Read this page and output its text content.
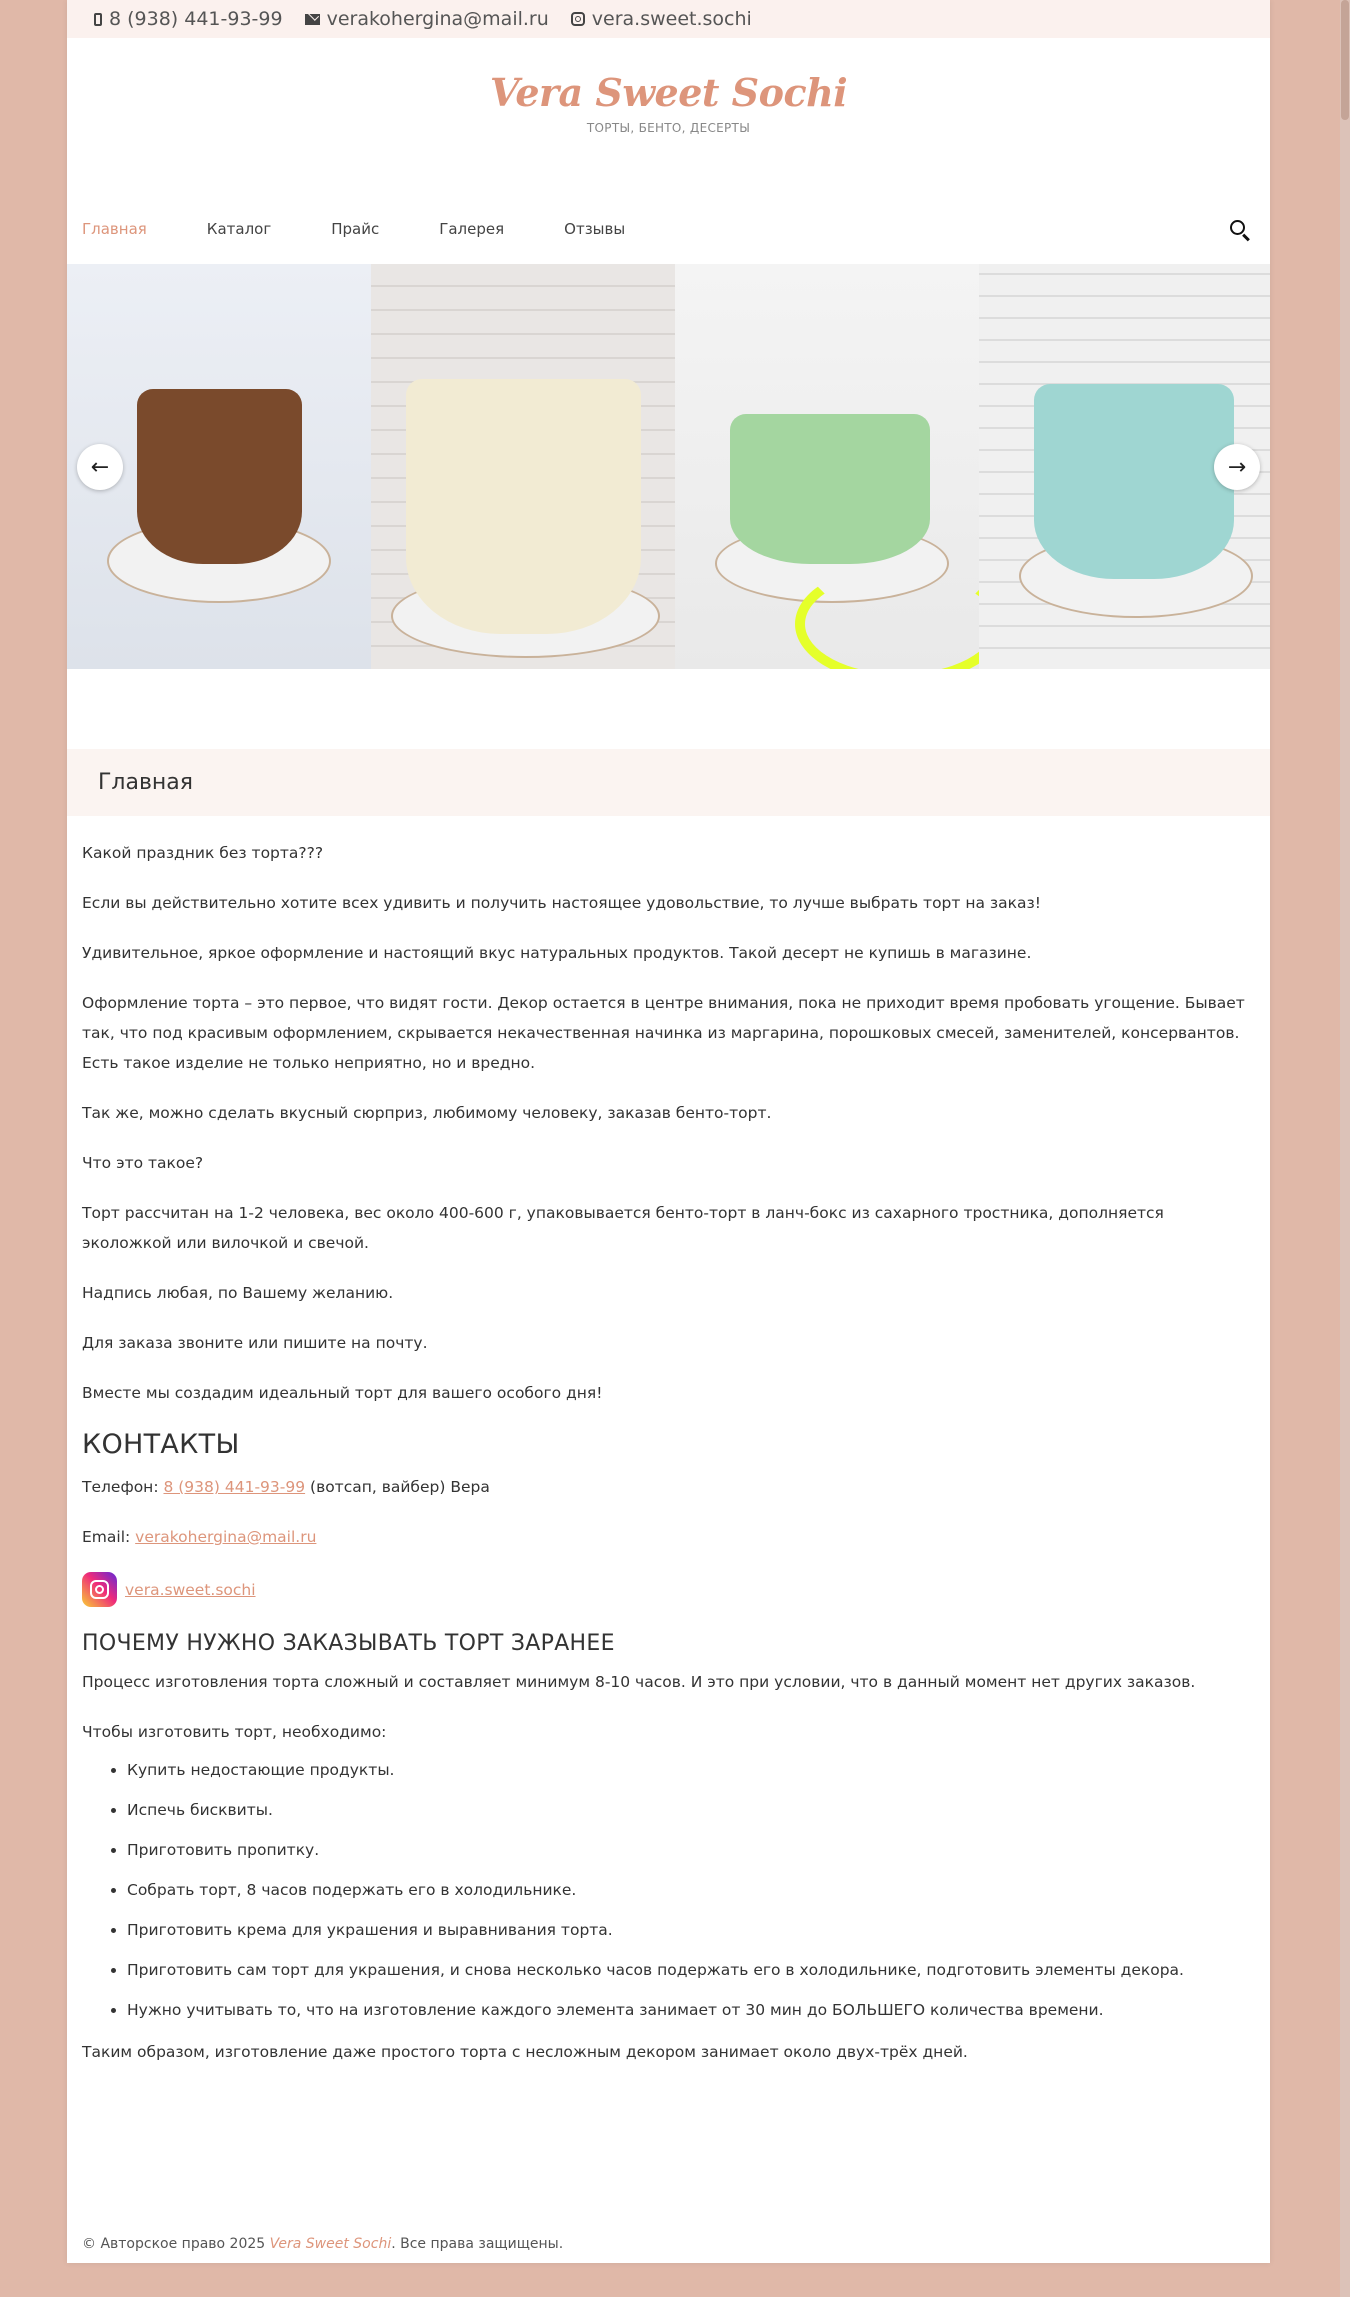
8 (938) 441-93-99 verakohergina@mail.ru vera.sweet.sochi
Vera Sweet Sochi
ТОРТЫ, БЕНТО, ДЕСЕРТЫ
Главная	Каталог	Прайс	Галерея	Отзывы
←	→
Главная

Какой праздник без торта???

Если вы действительно хотите всех удивить и получить настоящее удовольствие, то лучше выбрать торт на заказ!

Удивительное, яркое оформление и настоящий вкус натуральных продуктов. Такой десерт не купишь в магазине.

Оформление торта – это первое, что видят гости. Декор остается в центре внимания, пока не приходит время пробовать угощение. Бывает так, что под красивым оформлением, скрывается некачественная начинка из маргарина, порошковых смесей, заменителей, консервантов. Есть такое изделие не только неприятно, но и вредно.

Так же, можно сделать вкусный сюрприз, любимому человеку, заказав бенто-торт.

Что это такое?

Торт рассчитан на 1-2 человека, вес около 400-600 г, упаковывается бенто-торт в ланч-бокс из сахарного тростника, дополняется эколожкой или вилочкой и свечой.

Надпись любая, по Вашему желанию.

Для заказа звоните или пишите на почту.

Вместе мы создадим идеальный торт для вашего особого дня!

КОНТАКТЫ

Телефон: 8 (938) 441-93-99 (вотсап, вайбер) Вера

Email: verakohergina@mail.ru

vera.sweet.sochi
ПОЧЕМУ НУЖНО ЗАКАЗЫВАТЬ ТОРТ ЗАРАНЕЕ

Процесс изготовления торта сложный и составляет минимум 8-10 часов. И это при условии, что в данный момент нет других заказов.

Чтобы изготовить торт, необходимо:

• Купить недостающие продукты.
• Испечь бисквиты.
• Приготовить пропитку.
• Собрать торт, 8 часов подержать его в холодильнике.
• Приготовить крема для украшения и выравнивания торта.
• Приготовить сам торт для украшения, и снова несколько часов подержать его в холодильнике, подготовить элементы декора.
• Нужно учитывать то, что на изготовление каждого элемента занимает от 30 мин до БОЛЬШЕГО количества времени.

Таким образом, изготовление даже простого торта с несложным декором занимает около двух-трёх дней.

© Авторское право 2025 Vera Sweet Sochi. Все права защищены.
